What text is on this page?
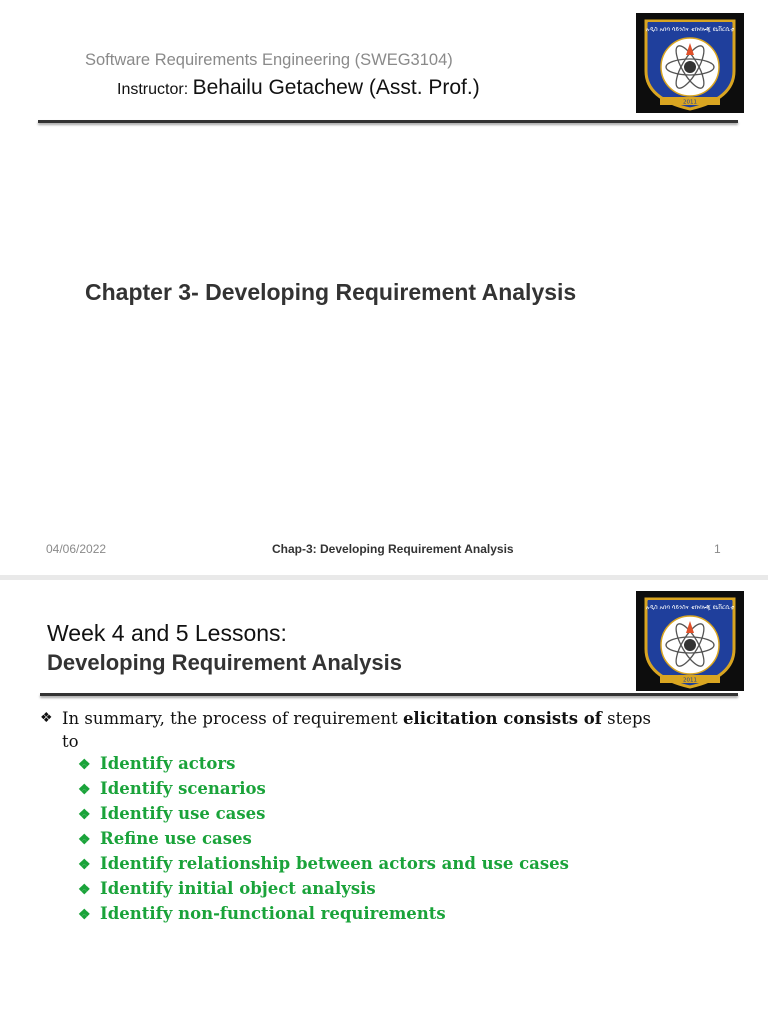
Software Requirements Engineering (SWEG3104)
Instructor: Behailu Getachew (Asst. Prof.)
አዲስ አበባ ሳይንስና ቴክኖሎጂ ዩኒቨርሲቲ
2011
Chapter 3- Developing Requirement Analysis
04/06/2022	Chap-3: Developing Requirement Analysis	1
Week 4 and 5 Lessons:
Developing Requirement Analysis
አዲስ አበባ ሳይንስና ቴክኖሎጂ ዩኒቨርሲቲ
2011
❖ In summary, the process of requirement elicitation consists of steps
to
❖ Identify actors
❖ Identify scenarios
❖ Identify use cases
❖ Refine use cases
❖ Identify relationship between actors and use cases
❖ Identify initial object analysis
❖ Identify non-functional requirements
